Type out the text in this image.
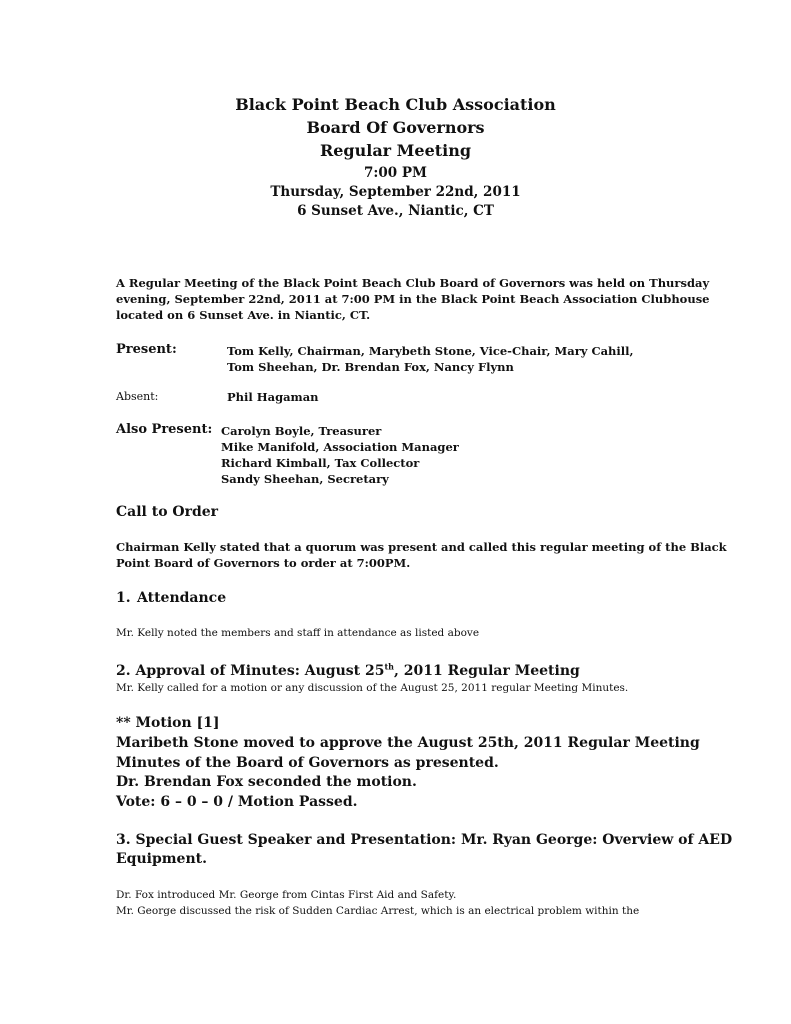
Black Point Beach Club Association
Board Of Governors
Regular Meeting
7:00 PM
Thursday, September 22nd, 2011
6 Sunset Ave., Niantic, CT
A Regular Meeting of the Black Point Beach Club Board of Governors was held on Thursday
evening, September 22nd, 2011 at 7:00 PM in the Black Point Beach Association Clubhouse
located on 6 Sunset Ave. in Niantic, CT.
Present:	Tom Kelly, Chairman, Marybeth Stone, Vice-Chair, Mary Cahill,
Tom Sheehan, Dr. Brendan Fox, Nancy Flynn
Absent:	Phil Hagaman
Also Present: Carolyn Boyle, Treasurer
Mike Manifold, Association Manager
Richard Kimball, Tax Collector
Sandy Sheehan, Secretary
Call to Order
Chairman Kelly stated that a quorum was present and called this regular meeting of the Black
Point Board of Governors to order at 7:00PM.
1. Attendance
Mr. Kelly noted the members and staff in attendance as listed above
2. Approval of Minutes: August 25th, 2011 Regular Meeting
Mr. Kelly called for a motion or any discussion of the August 25, 2011 regular Meeting Minutes.
** Motion [1]
Maribeth Stone moved to approve the August 25th, 2011 Regular Meeting
Minutes of the Board of Governors as presented.
Dr. Brendan Fox seconded the motion.
Vote: 6 – 0 – 0 / Motion Passed.
3. Special Guest Speaker and Presentation: Mr. Ryan George: Overview of AED
Equipment.
Dr. Fox introduced Mr. George from Cintas First Aid and Safety.
Mr. George discussed the risk of Sudden Cardiac Arrest, which is an electrical problem within the
